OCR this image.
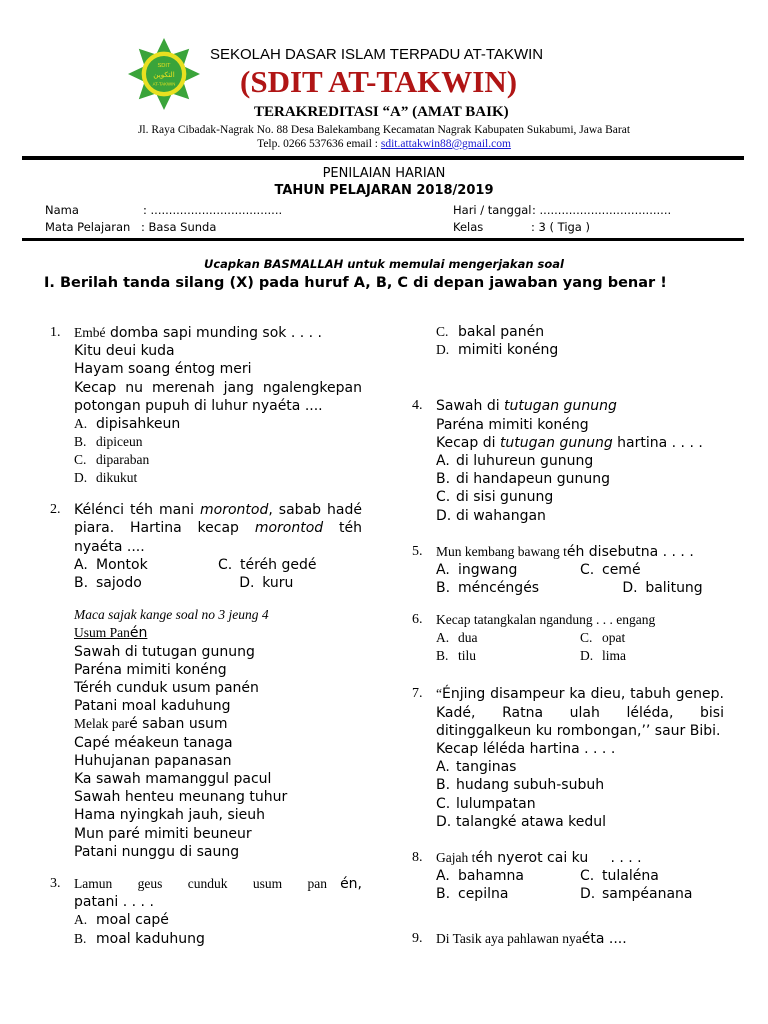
SDIT
التكوين
AT-TAKWIN
SEKOLAH DASAR ISLAM TERPADU AT-TAKWIN
(SDIT AT-TAKWIN)
TERAKREDITASI “A” (AMAT BAIK)
Jl. Raya Cibadak-Nagrak No. 88 Desa Balekambang Kecamatan Nagrak Kabupaten Sukabumi, Jawa Barat
Telp. 0266 537636 email : sdit.attakwin88@gmail.com
PENILAIAN HARIAN
TAHUN PELAJARAN 2018/2019
Nama	: ....................................	Hari / tanggal : ....................................
Mata Pelajaran : Basa Sunda	Kelas	: 3 ( Tiga )
Ucapkan BASMALLAH untuk memulai mengerjakan soal
I. Berilah tanda silang (X) pada huruf A, B, C di depan jawaban yang benar !
1. Embé domba sapi munding sok . . . .

Kitu deui kuda

Hayam soang éntog meri

Kecap nu merenah jang ngalengkepan potongan pupuh di luhur nyaéta ....

A. dipisahkeun
B. dipiceun
C. diparaban
D. dikukut
2. Kélénci téh mani morontod, sabab hadé piara. Hartina kecap morontod téh nyaéta ....

A. Montok	C. téréh gedé
B. sajodo	D. kuru

Maca sajak kange soal no 3 jeung 4

Usum Panén

Sawah di tutugan gunung

Paréna mimiti konéng

Téréh cunduk usum panén

Patani moal kaduhung

Melak paré saban usum

Capé méakeun tanaga

Huhujanan papanasan

Ka sawah mamanggul pacul

Sawah henteu meunang tuhur

Hama nyingkah jauh, sieuh

Mun paré mimiti beuneur

Patani nunggu di saung

3. Lamun geus cunduk usum pan én,

patani . . . .

A. moal capé
B. moal kaduhung
C. bakal panén
D. mimiti konéng
4. Sawah di tutugan gunung

Paréna mimiti konéng

Kecap di tutugan gunung hartina . . . .

A. di luhureun gunung
B. di handapeun gunung
C. di sisi gunung
D. di wahangan
5. Mun kembang bawang téh disebutna . . . .

A. ingwang	C. cemé
B. méncéngés	D. balitung
6. Kecap tatangkalan ngandung . . . engang

A. dua	C. opat
B. tilu	D. lima
7. “Énjing disampeur ka dieu, tabuh genep. Kadé, Ratna ulah léléda, bisi ditinggalkeun ku rombongan,’’ saur Bibi.

Kecap léléda hartina . . . .

A. tanginas
B. hudang subuh-subuh
C. lulumpatan
D. talangké atawa kedul
8. Gajah téh nyerot cai ku     . . . .

A. bahamna	C. tulaléna
B. cepilna	D. sampéanana
9. Di Tasik aya pahlawan nyaéta ....
